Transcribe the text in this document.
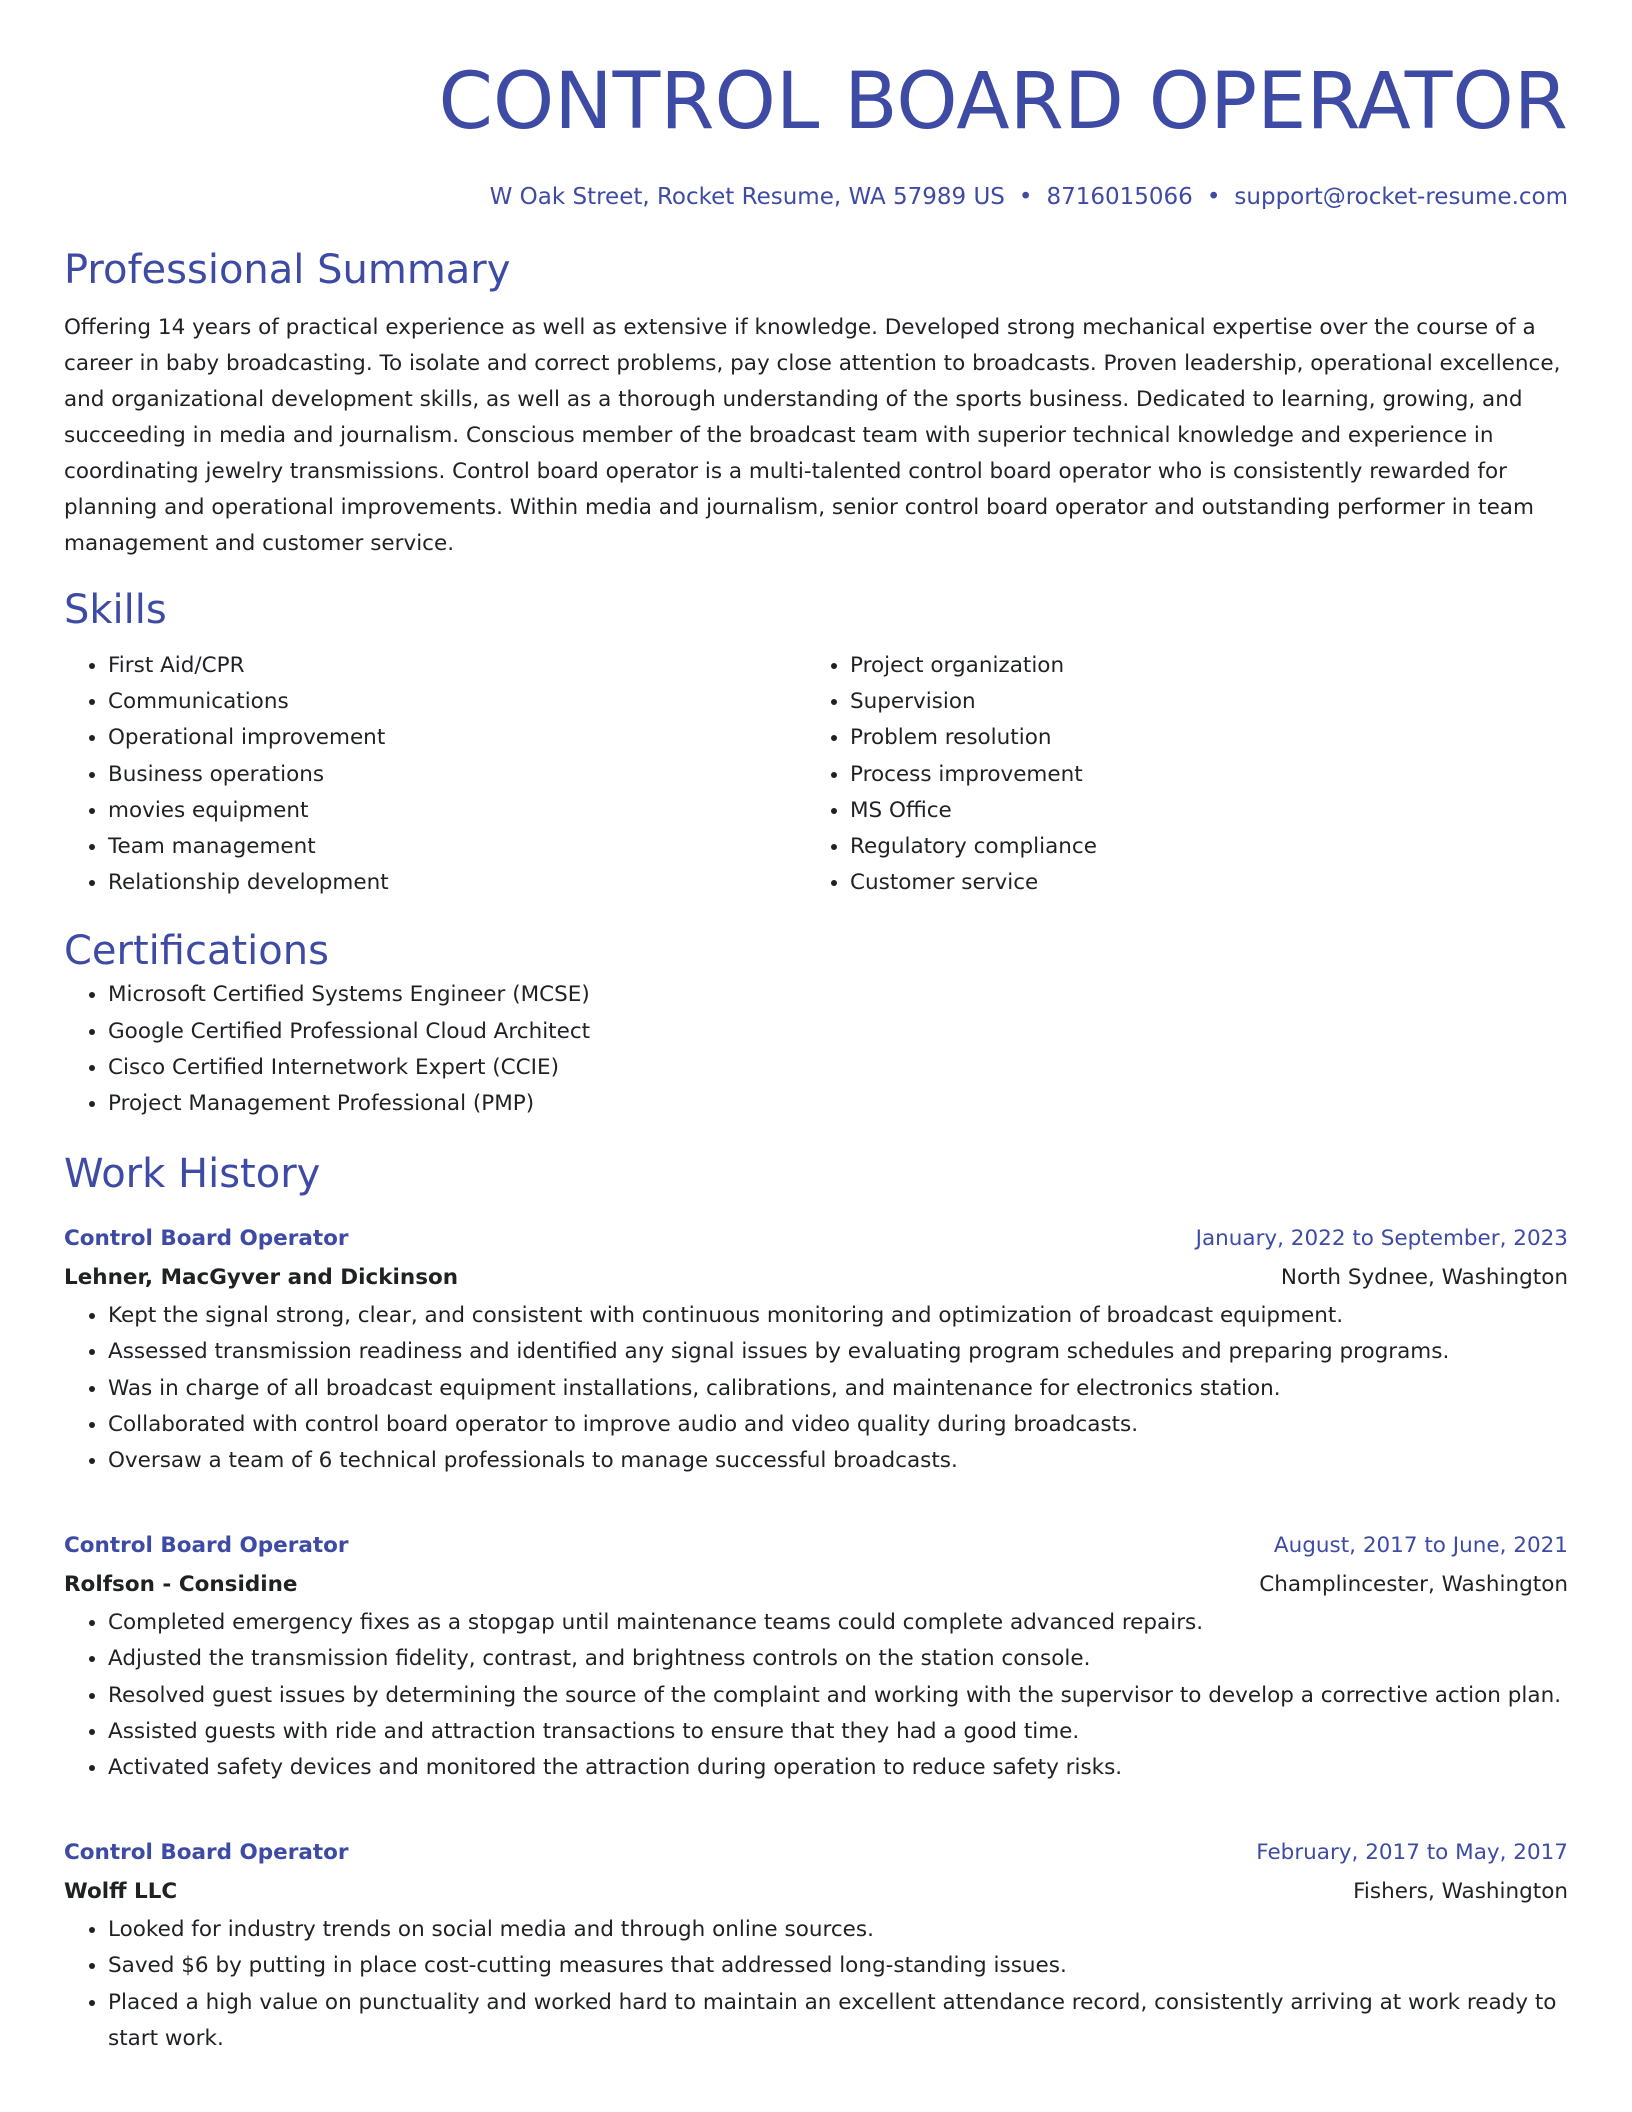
CONTROL BOARD OPERATOR
W Oak Street, Rocket Resume, WA 57989 US • 8716015066 • support@rocket-resume.com
Professional Summary

Offering 14 years of practical experience as well as extensive if knowledge. Developed strong mechanical expertise over the course of a career in baby broadcasting. To isolate and correct problems, pay close attention to broadcasts. Proven leadership, operational excellence, and organizational development skills, as well as a thorough understanding of the sports business. Dedicated to learning, growing, and succeeding in media and journalism. Conscious member of the broadcast team with superior technical knowledge and experience in coordinating jewelry transmissions. Control board operator is a multi-talented control board operator who is consistently rewarded for planning and operational improvements. Within media and journalism, senior control board operator and outstanding performer in team management and customer service.

Skills
• First Aid/CPR
• Communications
• Operational improvement
• Business operations
• movies equipment
• Team management
• Relationship development
• Project organization
• Supervision
• Problem resolution
• Process improvement
• MS Office
• Regulatory compliance
• Customer service
Certifications
• Microsoft Certified Systems Engineer (MCSE)
• Google Certified Professional Cloud Architect
• Cisco Certified Internetwork Expert (CCIE)
• Project Management Professional (PMP)
Work History
Control Board Operator	January, 2022 to September, 2023
Lehner, MacGyver and Dickinson	North Sydnee, Washington
• Kept the signal strong, clear, and consistent with continuous monitoring and optimization of broadcast equipment.
• Assessed transmission readiness and identified any signal issues by evaluating program schedules and preparing programs.
• Was in charge of all broadcast equipment installations, calibrations, and maintenance for electronics station.
• Collaborated with control board operator to improve audio and video quality during broadcasts.
• Oversaw a team of 6 technical professionals to manage successful broadcasts.
Control Board Operator	August, 2017 to June, 2021
Rolfson - Considine	Champlincester, Washington
• Completed emergency fixes as a stopgap until maintenance teams could complete advanced repairs.
• Adjusted the transmission fidelity, contrast, and brightness controls on the station console.
• Resolved guest issues by determining the source of the complaint and working with the supervisor to develop a corrective action plan.
• Assisted guests with ride and attraction transactions to ensure that they had a good time.
• Activated safety devices and monitored the attraction during operation to reduce safety risks.
Control Board Operator	February, 2017 to May, 2017
Wolff LLC	Fishers, Washington
• Looked for industry trends on social media and through online sources.
• Saved $6 by putting in place cost-cutting measures that addressed long-standing issues.
• Placed a high value on punctuality and worked hard to maintain an excellent attendance record, consistently arriving at work ready to start work.
